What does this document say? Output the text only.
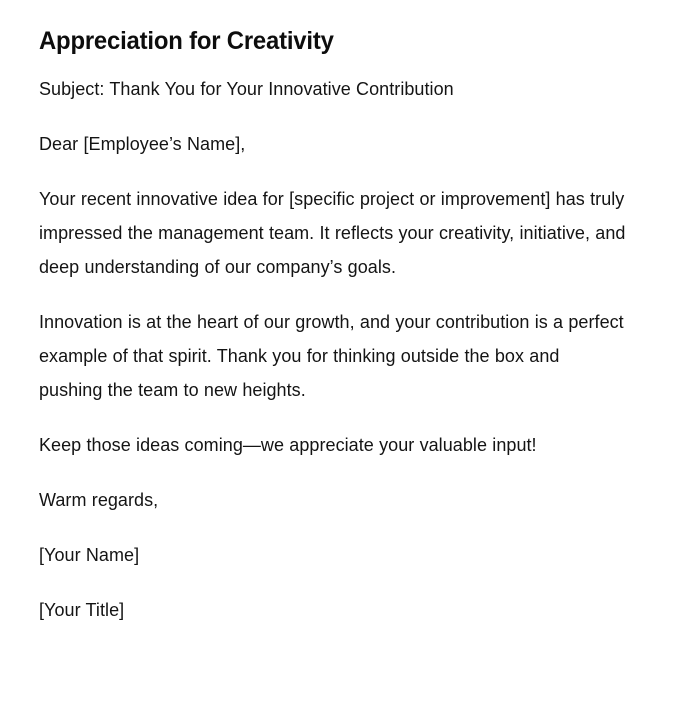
Appreciation for Creativity

Subject: Thank You for Your Innovative Contribution

Dear [Employee’s Name],

Your recent innovative idea for [specific project or improvement] has truly impressed the management team. It reflects your creativity, initiative, and deep understanding of our company’s goals.

Innovation is at the heart of our growth, and your contribution is a perfect example of that spirit. Thank you for thinking outside the box and pushing the team to new heights.

Keep those ideas coming—we appreciate your valuable input!

Warm regards,

[Your Name]

[Your Title]
